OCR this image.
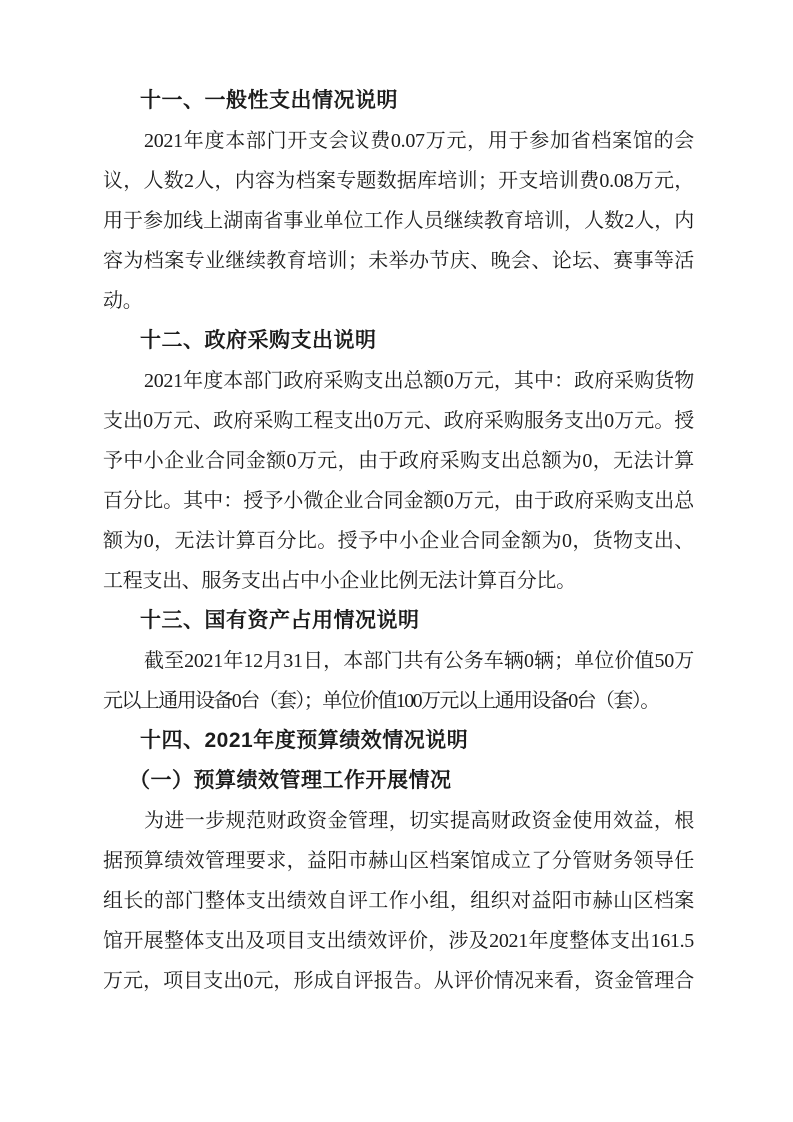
十一、一般性支出情况说明

2021年度本部门开支会议费0.07万元，用于参加省档案馆的会

议，人数2人，内容为档案专题数据库培训；开支培训费0.08万元，

用于参加线上湖南省事业单位工作人员继续教育培训，人数2人，内

容为档案专业继续教育培训；未举办节庆、晚会、论坛、赛事等活

动。

十二、政府采购支出说明

2021年度本部门政府采购支出总额0万元，其中：政府采购货物

支出0万元、政府采购工程支出0万元、政府采购服务支出0万元。授

予中小企业合同金额0万元，由于政府采购支出总额为0，无法计算

百分比。其中：授予小微企业合同金额0万元，由于政府采购支出总

额为0，无法计算百分比。授予中小企业合同金额为0，货物支出、

工程支出、服务支出占中小企业比例无法计算百分比。

十三、国有资产占用情况说明

截至2021年12月31日，本部门共有公务车辆0辆；单位价值50万

元以上通用设备0台（套）；单位价值100万元以上通用设备0台（套）。

十四、2021年度预算绩效情况说明
（一）预算绩效管理工作开展情况

为进一步规范财政资金管理，切实提高财政资金使用效益，根

据预算绩效管理要求，益阳市赫山区档案馆成立了分管财务领导任

组长的部门整体支出绩效自评工作小组，组织对益阳市赫山区档案

馆开展整体支出及项目支出绩效评价，涉及2021年度整体支出161.5

万元，项目支出0元，形成自评报告。从评价情况来看，资金管理合
